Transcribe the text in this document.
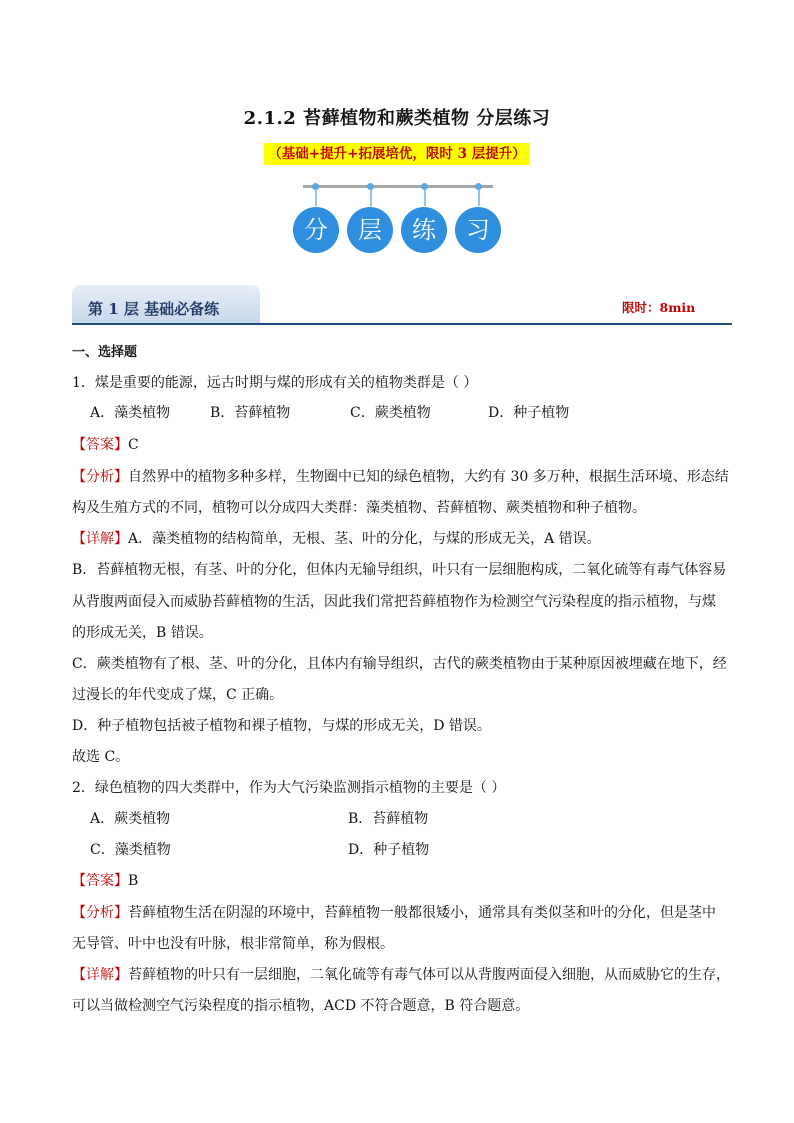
2.1.2 苔藓植物和蕨类植物 分层练习
（基础+提升+拓展培优，限时 3 层提升）
分	层	练	习
第 1 层 基础必备练	限时：8min
一、选择题
1．煤是重要的能源，远古时期与煤的形成有关的植物类群是（ ）
A．藻类植物	B．苔藓植物	C．蕨类植物	D．种子植物
【答案】C
【分析】自然界中的植物多种多样，生物圈中已知的绿色植物，大约有 30 多万种，根据生活环境、形态结
构及生殖方式的不同，植物可以分成四大类群：藻类植物、苔藓植物、蕨类植物和种子植物。
【详解】A．藻类植物的结构简单，无根、茎、叶的分化，与煤的形成无关，A 错误。
B．苔藓植物无根，有茎、叶的分化，但体内无输导组织，叶只有一层细胞构成，二氧化硫等有毒气体容易
从背腹两面侵入而威胁苔藓植物的生活，因此我们常把苔藓植物作为检测空气污染程度的指示植物，与煤
的形成无关，B 错误。
C．蕨类植物有了根、茎、叶的分化，且体内有输导组织，古代的蕨类植物由于某种原因被埋藏在地下，经
过漫长的年代变成了煤，C 正确。
D．种子植物包括被子植物和裸子植物，与煤的形成无关，D 错误。
故选 C。
2．绿色植物的四大类群中，作为大气污染监测指示植物的主要是（ ）
A．蕨类植物	B．苔藓植物
C．藻类植物	D．种子植物
【答案】B
【分析】苔藓植物生活在阴湿的环境中，苔藓植物一般都很矮小，通常具有类似茎和叶的分化，但是茎中
无导管、叶中也没有叶脉，根非常简单，称为假根。
【详解】苔藓植物的叶只有一层细胞，二氧化硫等有毒气体可以从背腹两面侵入细胞，从而威胁它的生存，
可以当做检测空气污染程度的指示植物，ACD 不符合题意，B 符合题意。
